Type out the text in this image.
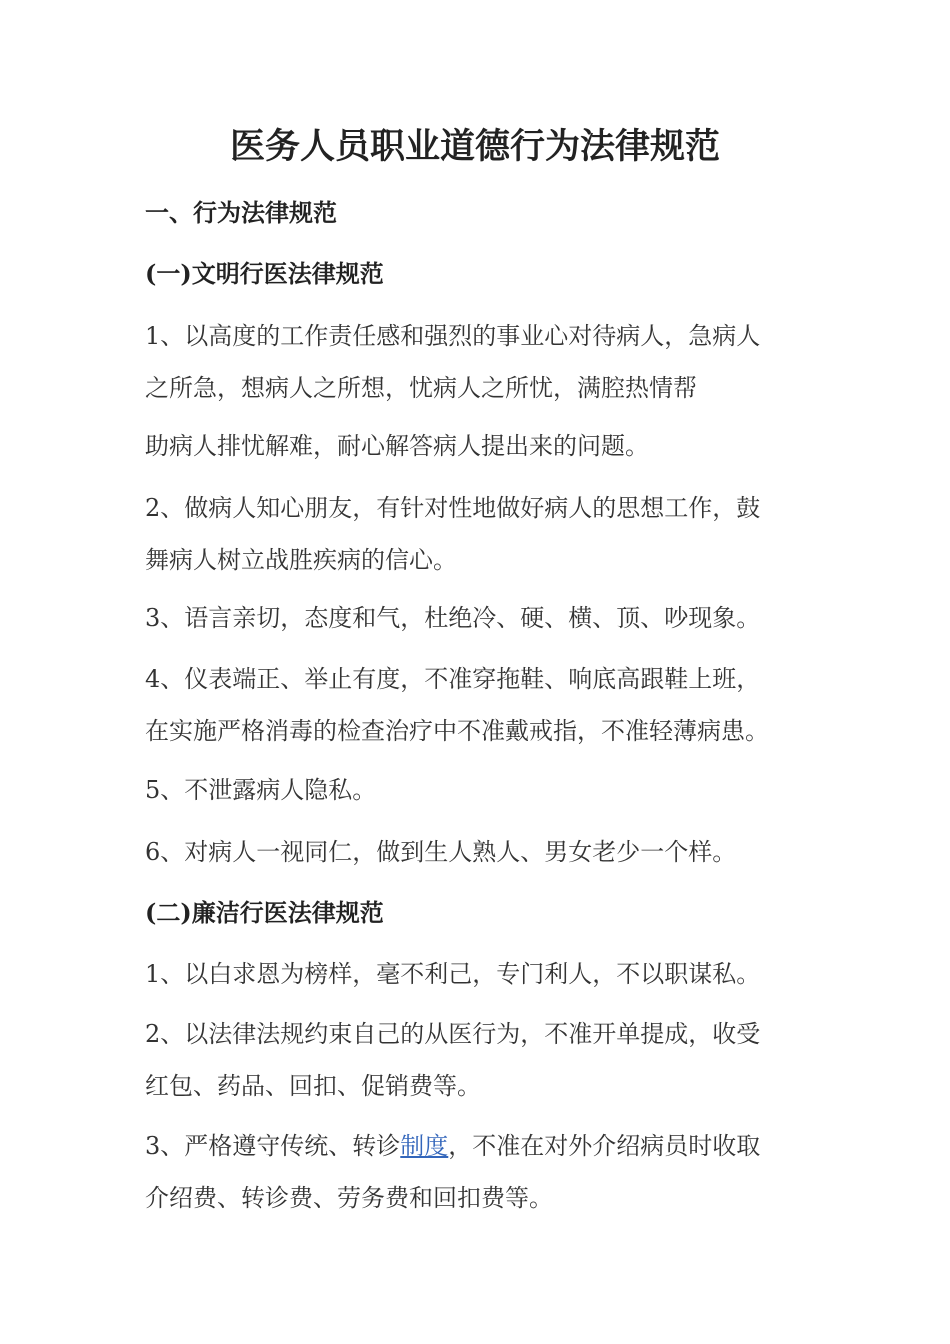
医务人员职业道德行为法律规范
一、行为法律规范
(一)文明行医法律规范

1、以高度的工作责任感和强烈的事业心对待病人，急病人
之所急，想病人之所想，忧病人之所忧，满腔热情帮

助病人排忧解难，耐心解答病人提出来的问题。

2、做病人知心朋友，有针对性地做好病人的思想工作，鼓
舞病人树立战胜疾病的信心。

3、语言亲切，态度和气，杜绝冷、硬、横、顶、吵现象。

4、仪表端正、举止有度，不准穿拖鞋、响底高跟鞋上班，
在实施严格消毒的检查治疗中不准戴戒指，不准轻薄病患。

5、不泄露病人隐私。

6、对病人一视同仁，做到生人熟人、男女老少一个样。

(二)廉洁行医法律规范

1、以白求恩为榜样，毫不利己，专门利人，不以职谋私。

2、以法律法规约束自己的从医行为，不准开单提成，收受
红包、药品、回扣、促销费等。

3、严格遵守传统、转诊制度，不准在对外介绍病员时收取
介绍费、转诊费、劳务费和回扣费等。
